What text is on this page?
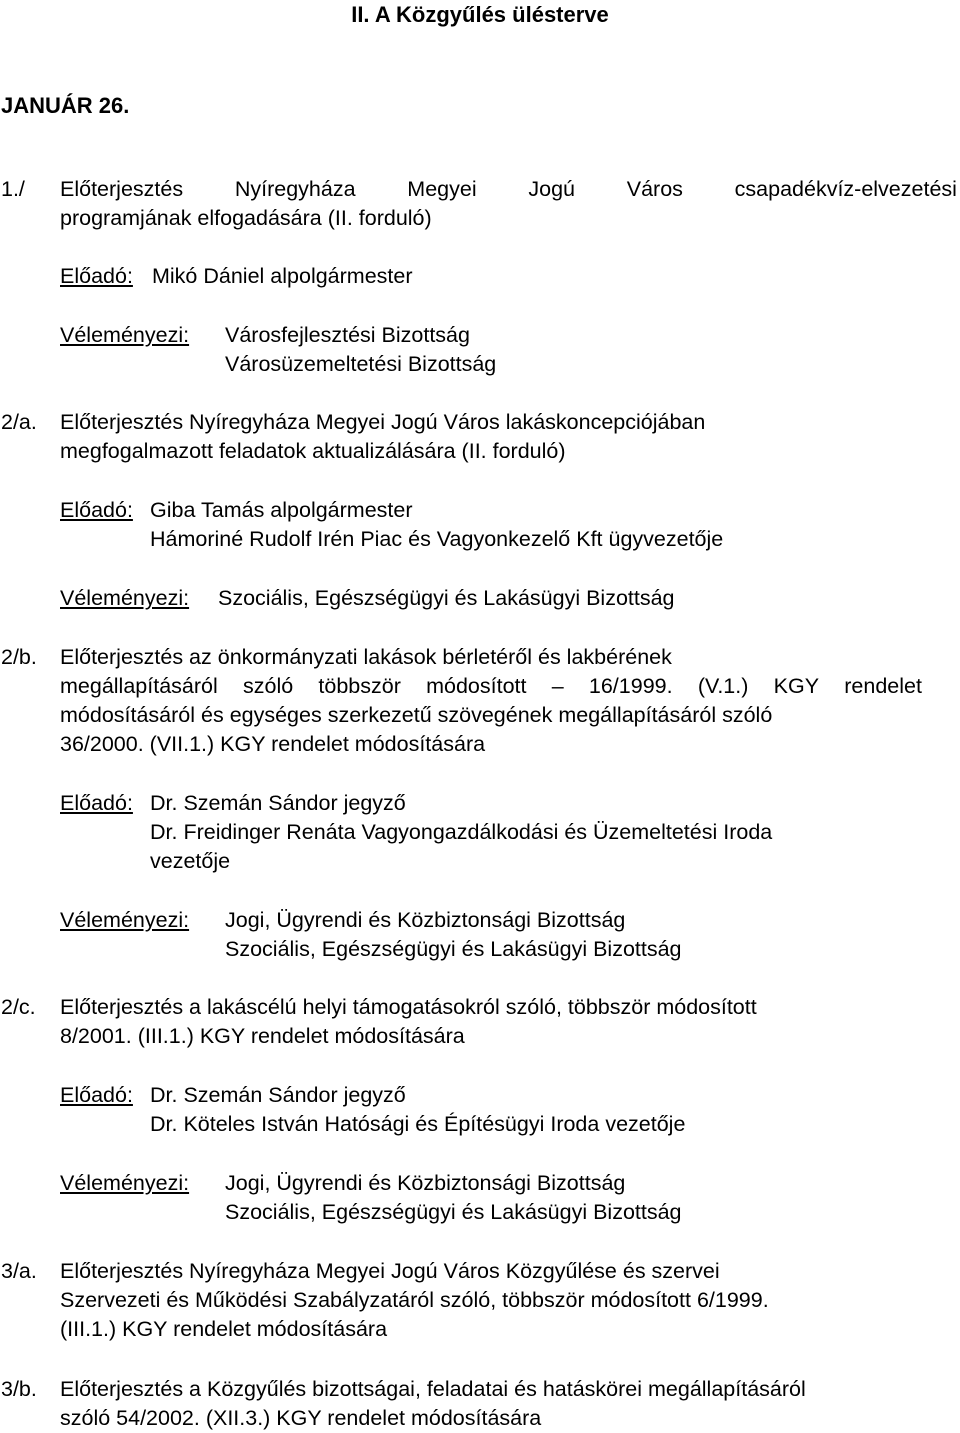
II. A Közgyűlés ülésterve
JANUÁR 26.
1./ Előterjesztés Nyíregyháza Megyei Jogú Város csapadékvíz-elvezetési
programjának elfogadására (II. forduló)
Előadó: Mikó Dániel alpolgármester
Véleményezi: Városfejlesztési Bizottság
Városüzemeltetési Bizottság
2/a. Előterjesztés Nyíregyháza Megyei Jogú Város lakáskoncepciójában
megfogalmazott feladatok aktualizálására (II. forduló)
Előadó: Giba Tamás alpolgármester
Hámoriné Rudolf Irén Piac és Vagyonkezelő Kft ügyvezetője
Véleményezi: Szociális, Egészségügyi és Lakásügyi Bizottság
2/b. Előterjesztés az önkormányzati lakások bérletéről és lakbérének
megállapításáról szóló többször módosított – 16/1999. (V.1.) KGY rendelet
módosításáról és egységes szerkezetű szövegének megállapításáról szóló
36/2000. (VII.1.) KGY rendelet módosítására
Előadó: Dr. Szemán Sándor jegyző
Dr. Freidinger Renáta Vagyongazdálkodási és Üzemeltetési Iroda
vezetője
Véleményezi: Jogi, Ügyrendi és Közbiztonsági Bizottság
Szociális, Egészségügyi és Lakásügyi Bizottság
2/c. Előterjesztés a lakáscélú helyi támogatásokról szóló, többször módosított
8/2001. (III.1.) KGY rendelet módosítására
Előadó: Dr. Szemán Sándor jegyző
Dr. Köteles István Hatósági és Építésügyi Iroda vezetője
Véleményezi: Jogi, Ügyrendi és Közbiztonsági Bizottság
Szociális, Egészségügyi és Lakásügyi Bizottság
3/a. Előterjesztés Nyíregyháza Megyei Jogú Város Közgyűlése és szervei
Szervezeti és Működési Szabályzatáról szóló, többször módosított 6/1999.
(III.1.) KGY rendelet módosítására
3/b. Előterjesztés a Közgyűlés bizottságai, feladatai és hatáskörei megállapításáról
szóló 54/2002. (XII.3.) KGY rendelet módosítására
